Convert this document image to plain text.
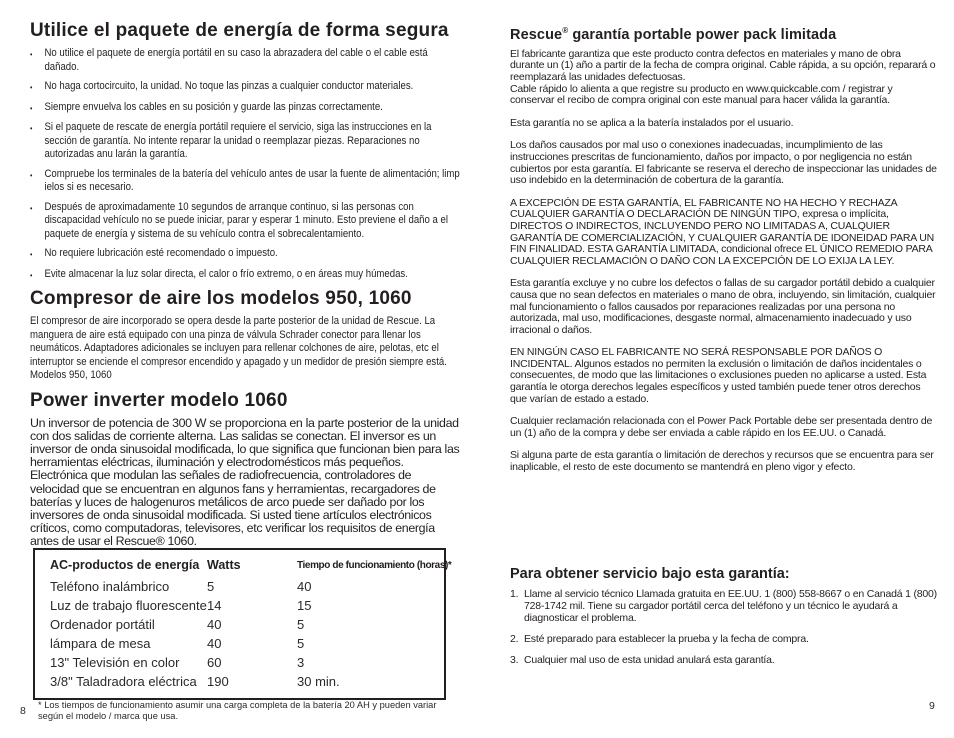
Utilice el paquete de energía de forma segura
•	No utilice el paquete de energía portátil en su caso la abrazadera del cable o el cable está dañado.
•	No haga cortocircuito, la unidad. No toque las pinzas a cualquier conductor materiales.
•	Siempre envuelva los cables en su posición y guarde las pinzas correctamente.
•	Si el paquete de rescate de energía portátil requiere el servicio, siga las instrucciones en la sección de garantía. No intente reparar la unidad o reemplazar piezas. Reparaciones no autorizadas anu larán la garantía.
•	Compruebe los terminales de la batería del vehículo antes de usar la fuente de alimentación; limp ielos si es necesario.
•	Después de aproximadamente 10 segundos de arranque continuo, si las personas con discapacidad vehículo no se puede iniciar, parar y esperar 1 minuto. Esto previene el daño a el paquete de energía y sistema de su vehículo contra el sobrecalentamiento.
•	No requiere lubricación esté recomendado o impuesto.
•	Evite almacenar la luz solar directa, el calor o frío extremo, o en áreas muy húmedas.
Compresor de aire los modelos 950, 1060

El compresor de aire incorporado se opera desde la parte posterior de la unidad de Rescue. La manguera de aire está equipado con una pinza de válvula Schrader conector para llenar los neumáticos. Adaptadores adicionales se incluyen para rellenar colchones de aire, pelotas, etc el interruptor se enciende el compresor encendido y apagado y un medidor de presión siempre está. Modelos 950, 1060

Power inverter modelo 1060

Un inversor de potencia de 300 W se proporciona en la parte posterior de la unidad con dos salidas de corriente alterna. Las salidas se conectan. El inversor es un inversor de onda sinusoidal modificada, lo que significa que funcionan bien para las herramientas eléctricas, iluminación y electrodomésticos más pequeños. Electrónica que modulan las señales de radiofrecuencia, controladores de velocidad que se encuentran en algunos fans y herramientas, recargadores de baterías y luces de halogenuros metálicos de arco puede ser dañado por los inversores de onda sinusoidal modificada. Si usted tiene artículos electrónicos críticos, como computadoras, televisores, etc verificar los requisitos de energía antes de usar el Rescue® 1060.

AC-productos de energía Watts	Tiempo de funcionamiento (horas)*
Teléfono inalámbrico	5	40
Luz de trabajo fluorescente 14	15
Ordenador portátil	40	5
lámpara de mesa	40	5
13" Televisión en color	60	3
3/8" Taladradora eléctrica 190	30 min.
* Los tiempos de funcionamiento asumir una carga completa de la batería 20 AH y pueden variar según el modelo / marca que usa.
Rescue® garantía portable power pack limitada

El fabricante garantiza que este producto contra defectos en materiales y mano de obra durante un (1) año a partir de la fecha de compra original. Cable rápida, a su opción, reparará o reemplazará las unidades defectuosas.

Cable rápido lo alienta a que registre su producto en www.quickcable.com / registrar y conservar el recibo de compra original con este manual para hacer válida la garantía.

Esta garantía no se aplica a la batería instalados por el usuario.

Los daños causados por mal uso o conexiones inadecuadas, incumplimiento de las instrucciones prescritas de funcionamiento, daños por impacto, o por negligencia no están cubiertos por esta garantía. El fabricante se reserva el derecho de inspeccionar las unidades de uso indebido en la determinación de cobertura de la garantía.

A EXCEPCIÓN DE ESTA GARANTÍA, EL FABRICANTE NO HA HECHO Y RECHAZA CUALQUIER GARANTÍA O DECLARACIÓN DE NINGÚN TIPO, expresa o implícita, DIRECTOS O INDIRECTOS, INCLUYENDO PERO NO LIMITADAS A, CUALQUIER GARANTÍA DE COMERCIALIZACIÓN, Y CUALQUIER GARANTÍA DE IDONEIDAD PARA UN FIN FINALIDAD. ESTA GARANTÍA LIMITADA, condicional ofrece EL ÚNICO REMEDIO PARA CUALQUIER RECLAMACIÓN O DAÑO CON LA EXCEPCIÓN DE LO EXIJA LA LEY.

Esta garantía excluye y no cubre los defectos o fallas de su cargador portátil debido a cualquier causa que no sean defectos en materiales o mano de obra, incluyendo, sin limitación, cualquier mal funcionamiento o fallos causados por reparaciones realizadas por una persona no autorizada, mal uso, modificaciones, desgaste normal, almacenamiento inadecuado y uso irracional o daños.

EN NINGÚN CASO EL FABRICANTE NO SERÁ RESPONSABLE POR DAÑOS O INCIDENTAL. Algunos estados no permiten la exclusión o limitación de daños incidentales o consecuentes, de modo que las limitaciones o exclusiones pueden no aplicarse a usted. Esta garantía le otorga derechos legales específicos y usted también puede tener otros derechos que varían de estado a estado.

Cualquier reclamación relacionada con el Power Pack Portable debe ser presentada dentro de un (1) año de la compra y debe ser enviada a cable rápido en los EE.UU. o Canadá.

Si alguna parte de esta garantía o limitación de derechos y recursos que se encuentra para ser inaplicable, el resto de este documento se mantendrá en pleno vigor y efecto.

Para obtener servicio bajo esta garantía:
1. Llame al servicio técnico Llamada gratuita en EE.UU. 1 (800) 558-8667 o en Canadá 1 (800) 728-1742 mil. Tiene su cargador portátil cerca del teléfono y un técnico le ayudará a diagnosticar el problema.
2. Esté preparado para establecer la prueba y la fecha de compra.
3. Cualquier mal uso de esta unidad anulará esta garantía.
8	9
